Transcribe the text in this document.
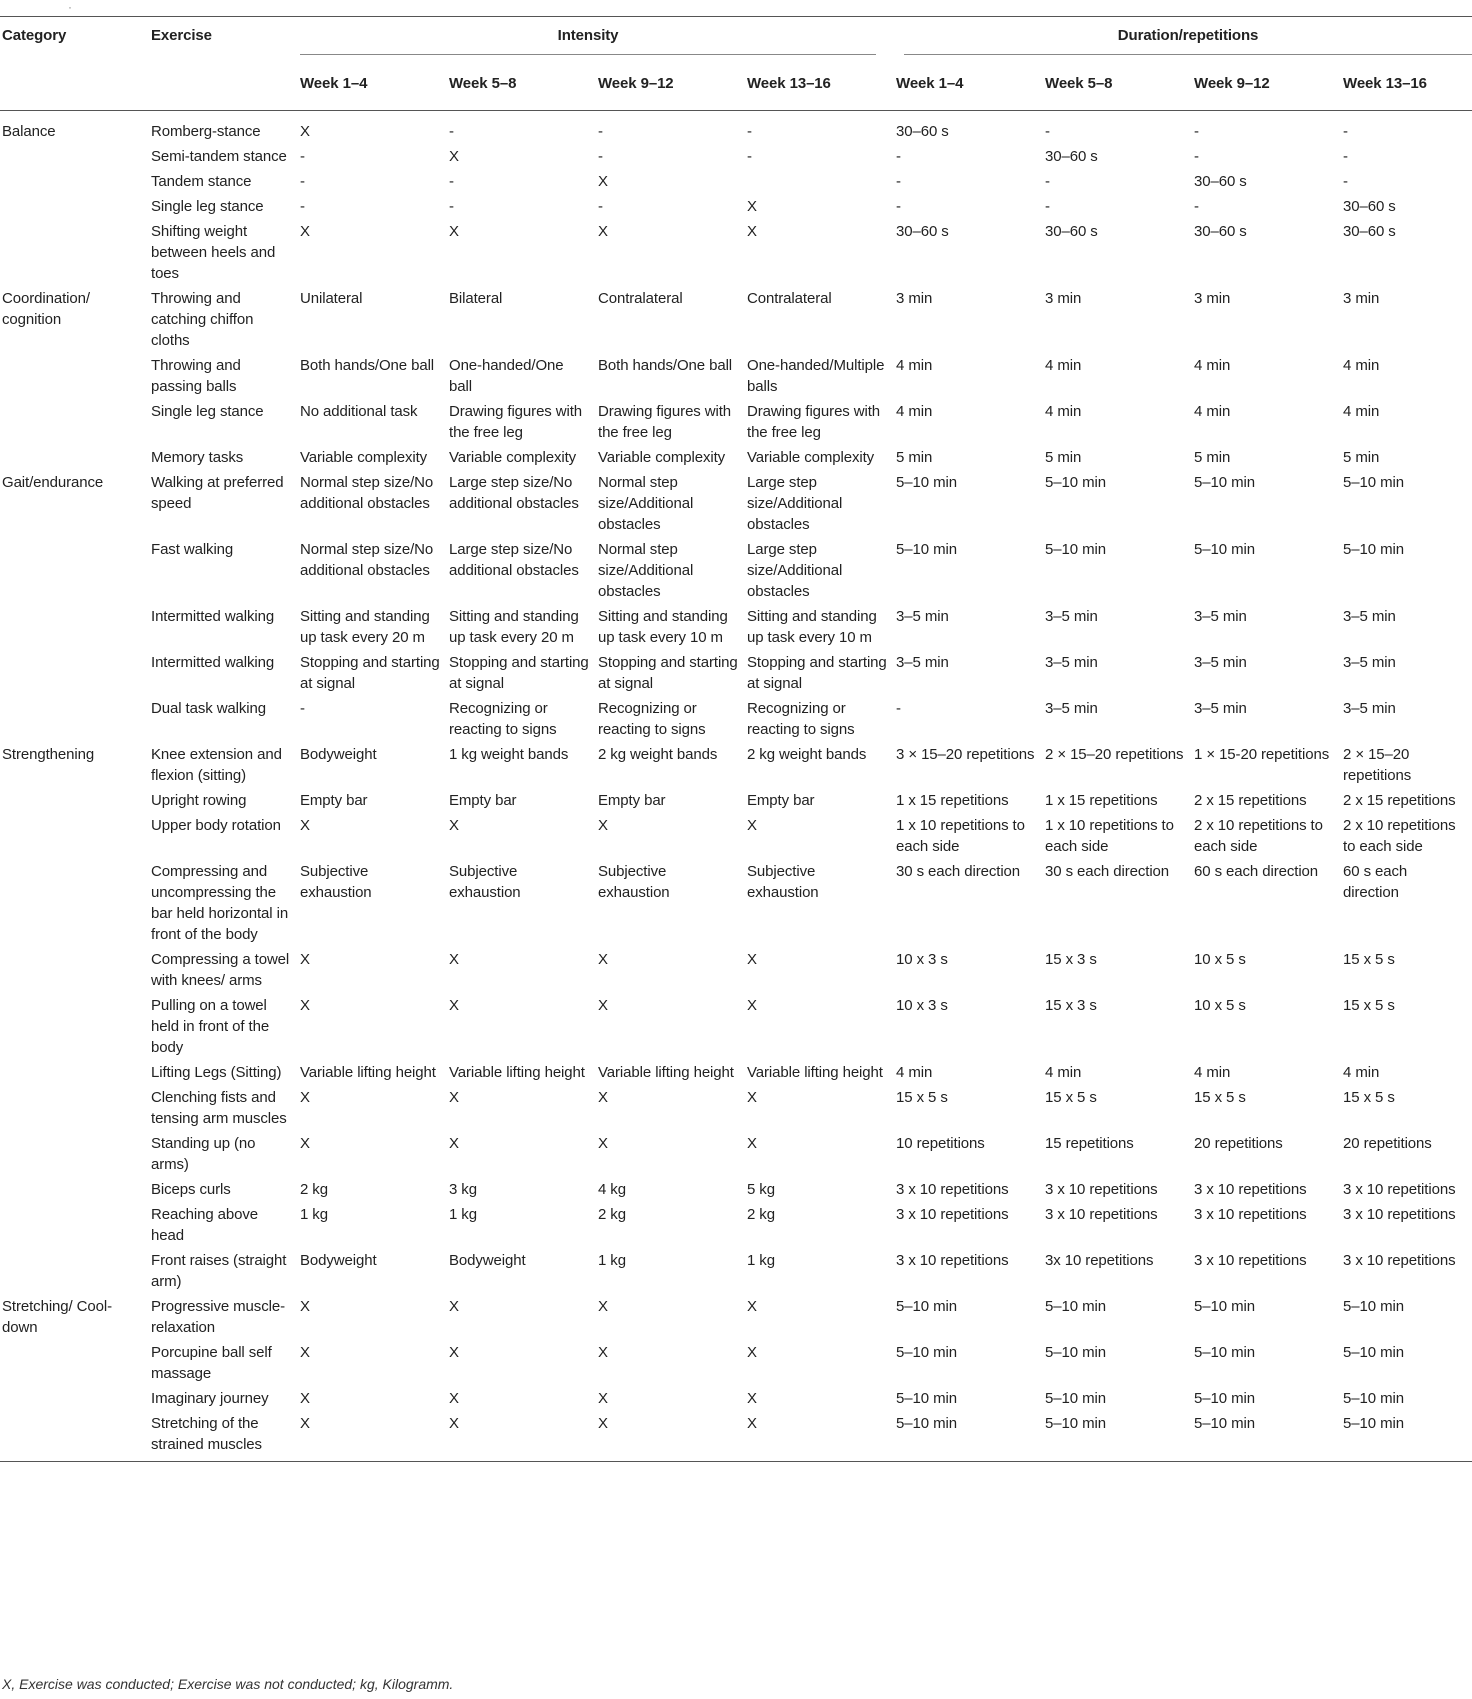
·
Category	Exercise	Intensity				Duration/repetitions			

		Week 1–4	Week 5–8	Week 9–12	Week 13–16	Week 1–4	Week 5–8	Week 9–12	Week 13–16
Balance	Romberg-stance	X	-	-	-	30–60 s	-	-	-
	Semi-tandem stance	-	X	-	-	-	30–60 s	-	-
	Tandem stance	-	-	X		-	-	30–60 s	-
	Single leg stance	-	-	-	X	-	-	-	30–60 s
	Shifting weight between heels and toes	X	X	X	X	30–60 s	30–60 s	30–60 s	30–60 s
Coordination/ cognition	Throwing and catching chiffon cloths	Unilateral	Bilateral	Contralateral	Contralateral	3 min	3 min	3 min	3 min
	Throwing and passing balls	Both hands/One ball	One-handed/One ball	Both hands/One ball	One-handed/Multiple balls	4 min	4 min	4 min	4 min
	Single leg stance	No additional task	Drawing figures with the free leg	Drawing figures with the free leg	Drawing figures with the free leg	4 min	4 min	4 min	4 min
	Memory tasks	Variable complexity	Variable complexity	Variable complexity	Variable complexity	5 min	5 min	5 min	5 min
Gait/endurance	Walking at preferred speed	Normal step size/No additional obstacles	Large step size/No additional obstacles	Normal step size/Additional obstacles	Large step size/Additional obstacles	5–10 min	5–10 min	5–10 min	5–10 min
	Fast walking	Normal step size/No additional obstacles	Large step size/No additional obstacles	Normal step size/Additional obstacles	Large step size/Additional obstacles	5–10 min	5–10 min	5–10 min	5–10 min
	Intermitted walking	Sitting and standing up task every 20 m	Sitting and standing up task every 20 m	Sitting and standing up task every 10 m	Sitting and standing up task every 10 m	3–5 min	3–5 min	3–5 min	3–5 min
	Intermitted walking	Stopping and starting at signal	Stopping and starting at signal	Stopping and starting at signal	Stopping and starting at signal	3–5 min	3–5 min	3–5 min	3–5 min
	Dual task walking	-	Recognizing or reacting to signs	Recognizing or reacting to signs	Recognizing or reacting to signs	-	3–5 min	3–5 min	3–5 min
Strengthening	Knee extension and flexion (sitting)	Bodyweight	1 kg weight bands	2 kg weight bands	2 kg weight bands	3 × 15–20 repetitions	2 × 15–20 repetitions	1 × 15-20 repetitions	2 × 15–20 repetitions
	Upright rowing	Empty bar	Empty bar	Empty bar	Empty bar	1 x 15 repetitions	1 x 15 repetitions	2 x 15 repetitions	2 x 15 repetitions
	Upper body rotation	X	X	X	X	1 x 10 repetitions to each side	1 x 10 repetitions to each side	2 x 10 repetitions to each side	2 x 10 repetitions to each side
	Compressing and uncompressing the bar held horizontal in front of the body	Subjective exhaustion	Subjective exhaustion	Subjective exhaustion	Subjective exhaustion	30 s each direction	30 s each direction	60 s each direction	60 s each direction
	Compressing a towel with knees/ arms	X	X	X	X	10 x 3 s	15 x 3 s	10 x 5 s	15 x 5 s
	Pulling on a towel held in front of the body	X	X	X	X	10 x 3 s	15 x 3 s	10 x 5 s	15 x 5 s
	Lifting Legs (Sitting)	Variable lifting height	Variable lifting height	Variable lifting height	Variable lifting height	4 min	4 min	4 min	4 min
	Clenching fists and tensing arm muscles	X	X	X	X	15 x 5 s	15 x 5 s	15 x 5 s	15 x 5 s
	Standing up (no arms)	X	X	X	X	10 repetitions	15 repetitions	20 repetitions	20 repetitions
	Biceps curls	2 kg	3 kg	4 kg	5 kg	3 x 10 repetitions	3 x 10 repetitions	3 x 10 repetitions	3 x 10 repetitions
	Reaching above head	1 kg	1 kg	2 kg	2 kg	3 x 10 repetitions	3 x 10 repetitions	3 x 10 repetitions	3 x 10 repetitions
	Front raises (straight arm)	Bodyweight	Bodyweight	1 kg	1 kg	3 x 10 repetitions	3x 10 repetitions	3 x 10 repetitions	3 x 10 repetitions
Stretching/ Cool-down	Progressive muscle-relaxation	X	X	X	X	5–10 min	5–10 min	5–10 min	5–10 min
	Porcupine ball self massage	X	X	X	X	5–10 min	5–10 min	5–10 min	5–10 min
	Imaginary journey	X	X	X	X	5–10 min	5–10 min	5–10 min	5–10 min
	Stretching of the strained muscles	X	X	X	X	5–10 min	5–10 min	5–10 min	5–10 min
X, Exercise was conducted; Exercise was not conducted; kg, Kilogramm.
